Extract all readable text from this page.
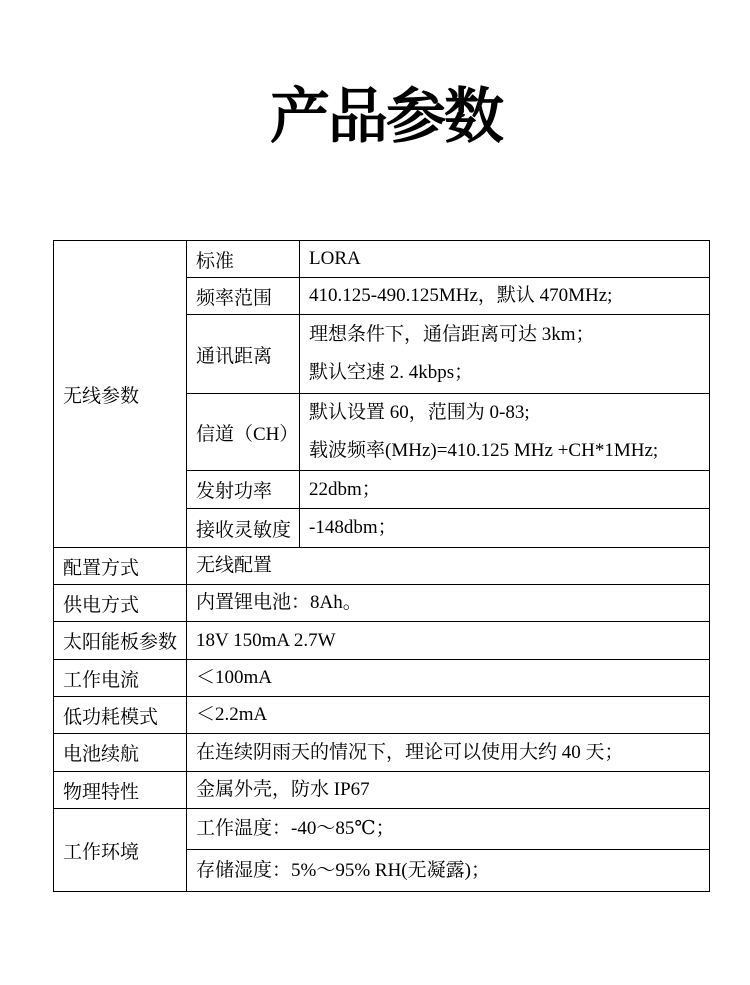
产品参数
无线参数	标准	LORA

	频率范围	410.125-490.125MHz，默认 470MHz;

	通讯距离	理想条件下，通信距离可达 3km；
默认空速 2. 4kbps；

	信道（CH）	默认设置 60，范围为 0-83;
载波频率(MHz)=410.125 MHz +CH*1MHz;

	发射功率	22dbm；

	接收灵敏度	-148dbm；

配置方式	无线配置	

供电方式	内置锂电池：8Ah。	

太阳能板参数	18V 150mA 2.7W	

工作电流	＜100mA	

低功耗模式	＜2.2mA	

电池续航	在连续阴雨天的情况下，理论可以使用大约 40 天；	

物理特性	金属外壳，防水 IP67	

工作环境	工作温度：-40～85℃；	

	存储湿度：5%～95% RH(无凝露)；	
